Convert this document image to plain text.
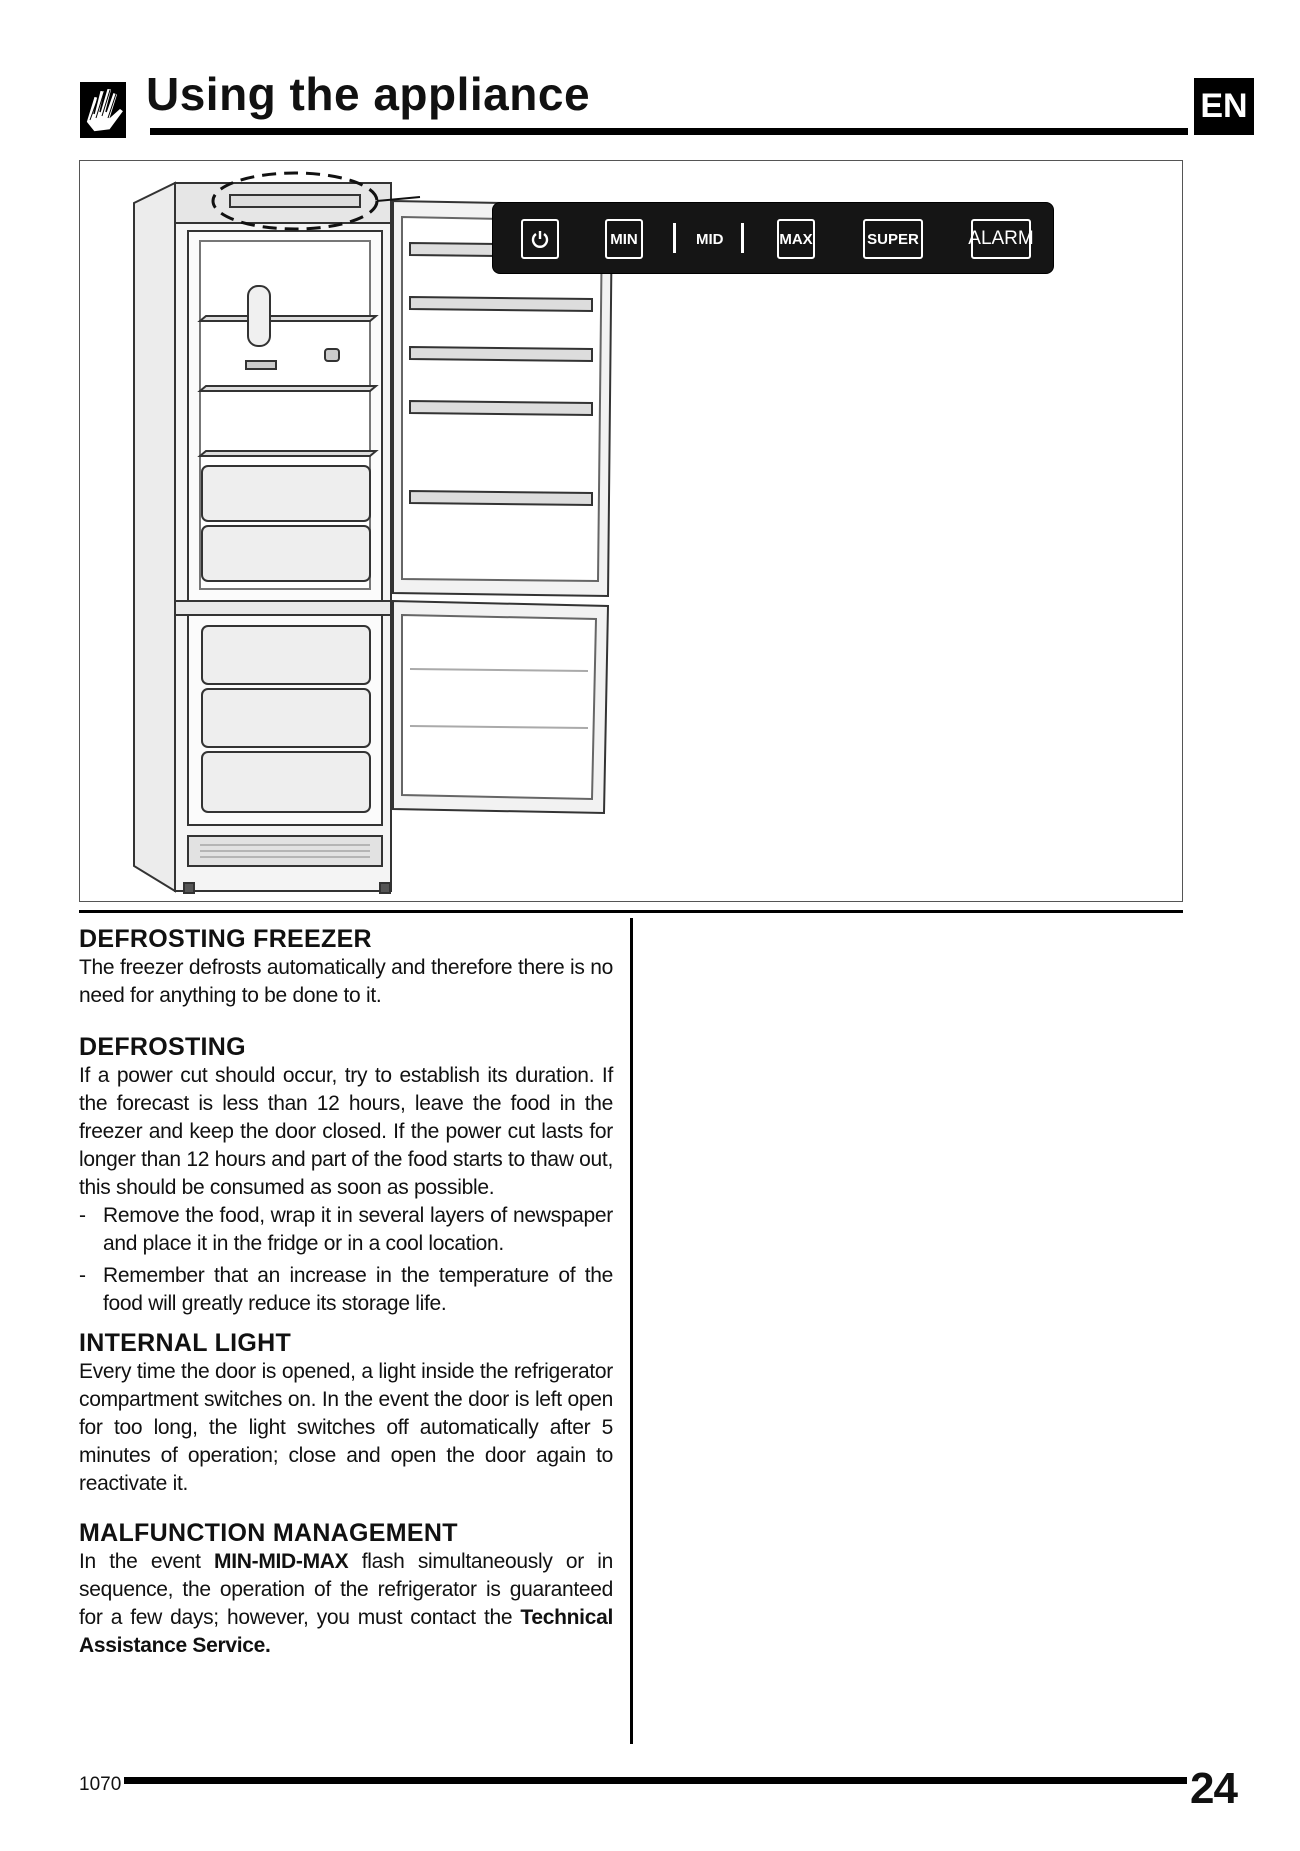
Using the appliance	EN
MIN	MID	MAX	SUPER	ALARM
DEFROSTING FREEZER

The freezer defrosts automatically and therefore there is no need for anything to be done to it.

DEFROSTING

If a power cut should occur, try to establish its duration. If the forecast is less than 12 hours, leave the food in the freezer and keep the door closed. If the power cut lasts for longer than 12 hours and part of the food starts to thaw out, this should be consumed as soon as possible.

- Remove the food, wrap it in several layers of newspaper and place it in the fridge or in a cool location.
- Remember that an increase in the temperature of the food will greatly reduce its storage life.
INTERNAL LIGHT

Every time the door is opened, a light inside the refrigerator compartment switches on. In the event the door is left open for too long, the light switches off automatically after 5 minutes of operation; close and open the door again to reactivate it.

MALFUNCTION MANAGEMENT

In the event MIN-MID-MAX flash simultaneously or in sequence, the operation of the refrigerator is guaranteed for a few days; however, you must contact the Technical Assistance Service.

1070	24
